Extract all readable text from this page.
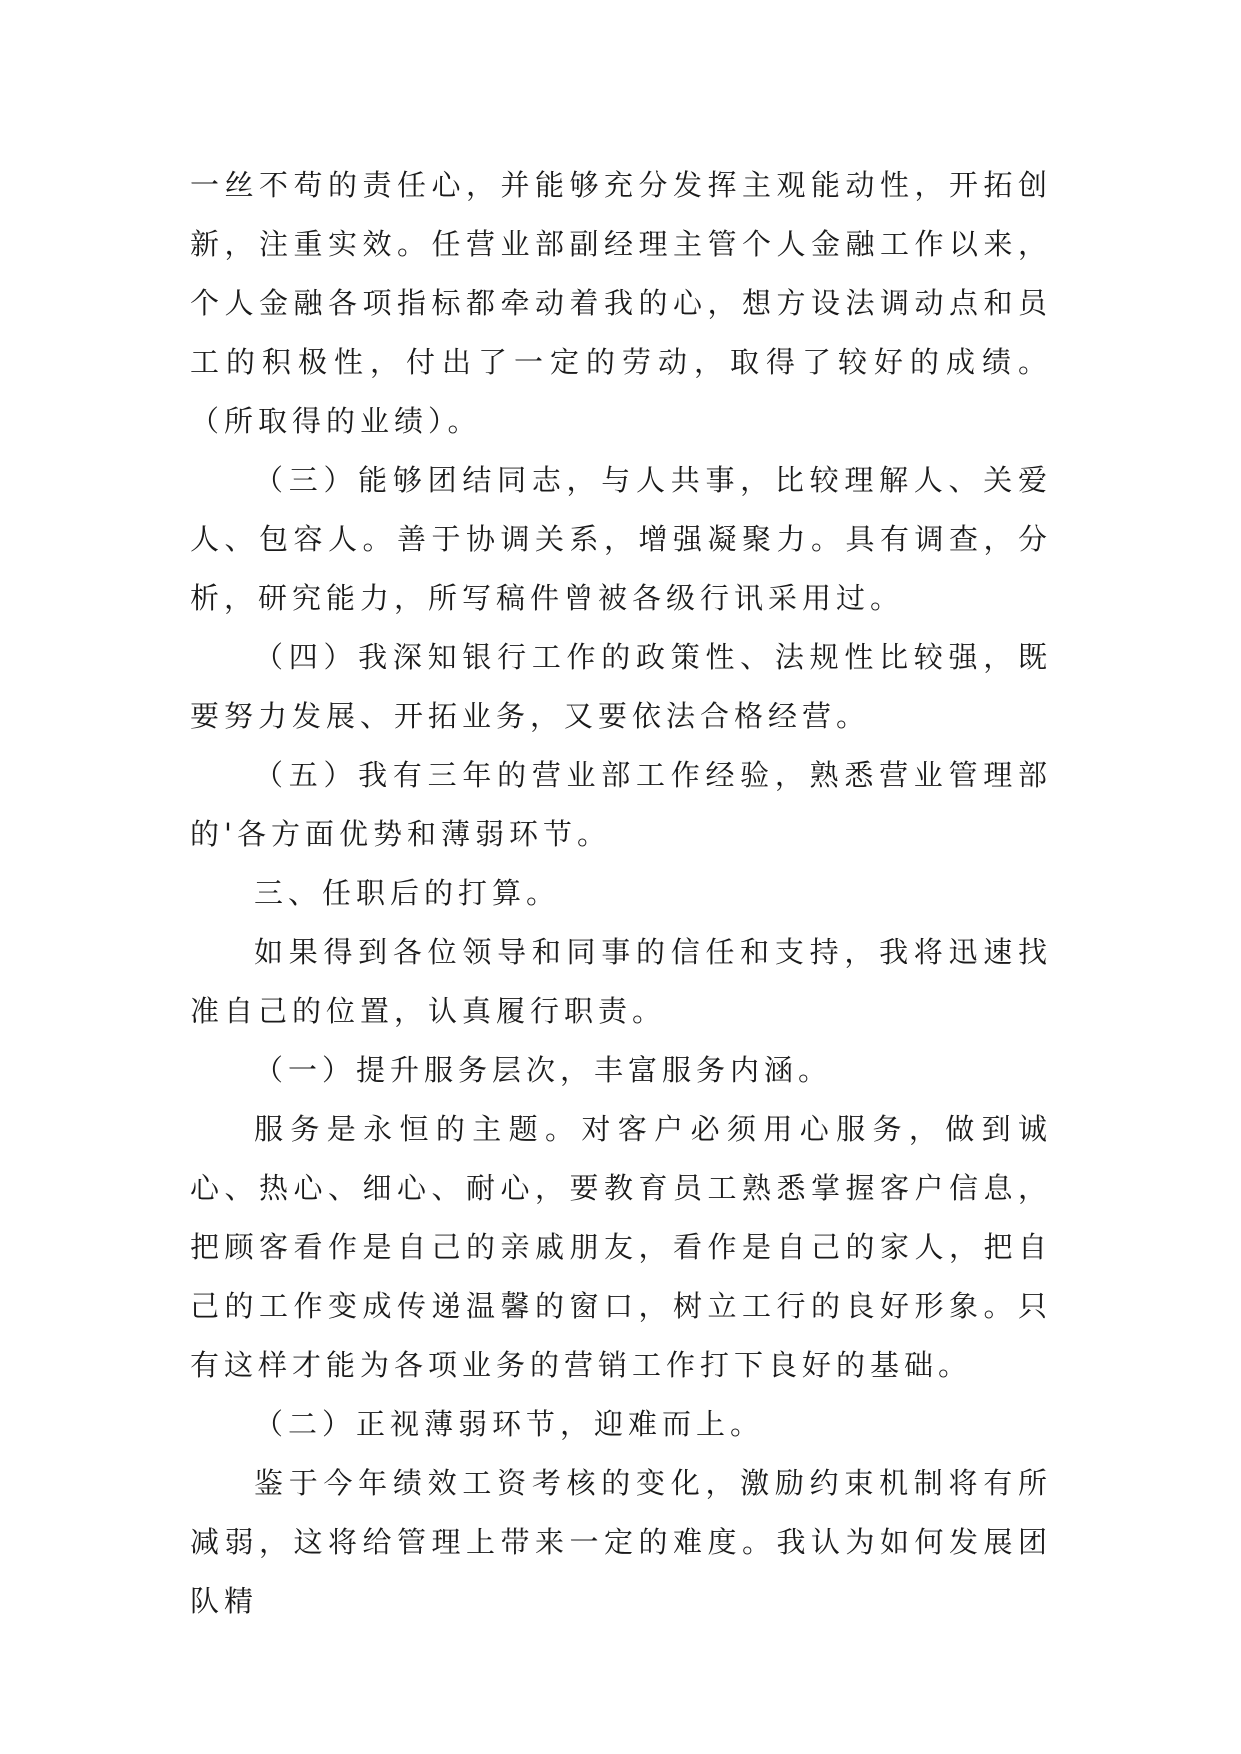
一丝不苟的责任心，并能够充分发挥主观能动性，开拓创新，注重实效。任营业部副经理主管个人金融工作以来，个人金融各项指标都牵动着我的心，想方设法调动点和员工的积极性，付出了一定的劳动，取得了较好的成绩。（所取得的业绩）。

（三）能够团结同志，与人共事，比较理解人、关爱人、包容人。善于协调关系，增强凝聚力。具有调查，分析，研究能力，所写稿件曾被各级行讯采用过。

（四）我深知银行工作的政策性、法规性比较强，既要努力发展、开拓业务，又要依法合格经营。

（五）我有三年的营业部工作经验，熟悉营业管理部的'各方面优势和薄弱环节。

三、任职后的打算。

如果得到各位领导和同事的信任和支持，我将迅速找准自己的位置，认真履行职责。

（一）提升服务层次，丰富服务内涵。

服务是永恒的主题。对客户必须用心服务，做到诚心、热心、细心、耐心，要教育员工熟悉掌握客户信息，把顾客看作是自己的亲戚朋友，看作是自己的家人，把自己的工作变成传递温馨的窗口，树立工行的良好形象。只有这样才能为各项业务的营销工作打下良好的基础。

（二）正视薄弱环节，迎难而上。

鉴于今年绩效工资考核的变化，激励约束机制将有所减弱，这将给管理上带来一定的难度。我认为如何发展团队精
